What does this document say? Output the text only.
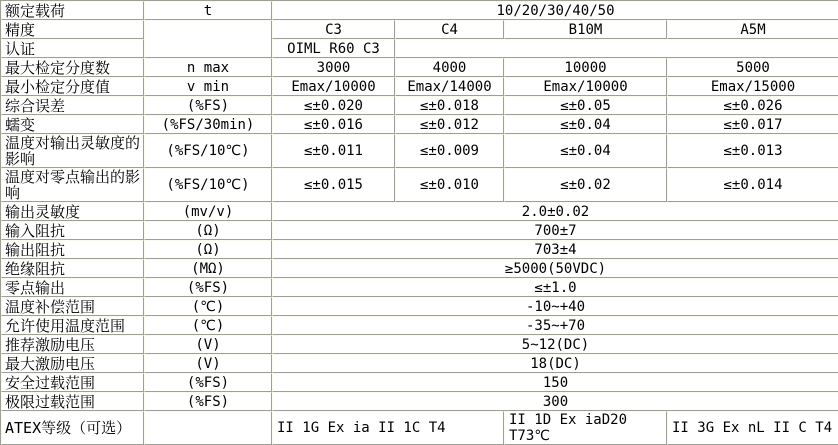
额定载荷	t	10/20/30/40/50			
精度		C3	C4	B10M	A5M
认证		OIML R60 C3			
最大检定分度数	n max	3000	4000	10000	5000
最小检定分度值	v min	Emax/10000	Emax/14000	Emax/10000	Emax/15000
综合误差	(%FS)	≤±0.020	≤±0.018	≤±0.05	≤±0.026
蠕变	(%FS/30min)	≤±0.016	≤±0.012	≤±0.04	≤±0.017
温度对输出灵敏度的影响	(%FS/10℃)	≤±0.011	≤±0.009	≤±0.04	≤±0.013
温度对零点输出的影响	(%FS/10℃)	≤±0.015	≤±0.010	≤±0.02	≤±0.014
输出灵敏度	(mv/v)	2.0±0.02			
输入阻抗	(Ω)	700±7			
输出阻抗	(Ω)	703±4			
绝缘阻抗	(MΩ)	≥5000(50VDC)			
零点输出	(%FS)	≤±1.0			
温度补偿范围	(℃)	-10~+40			
允许使用温度范围	(℃)	-35~+70			
推荐激励电压	(V)	5~12(DC)			
最大激励电压	(V)	18(DC)			
安全过载范围	(%FS)	150			
极限过载范围	(%FS)	300			
ATEX等级（可选）		II 1G Ex ia II 1C T4		II 1D Ex iaD20 T73℃	II 3G Ex nL II C T4
